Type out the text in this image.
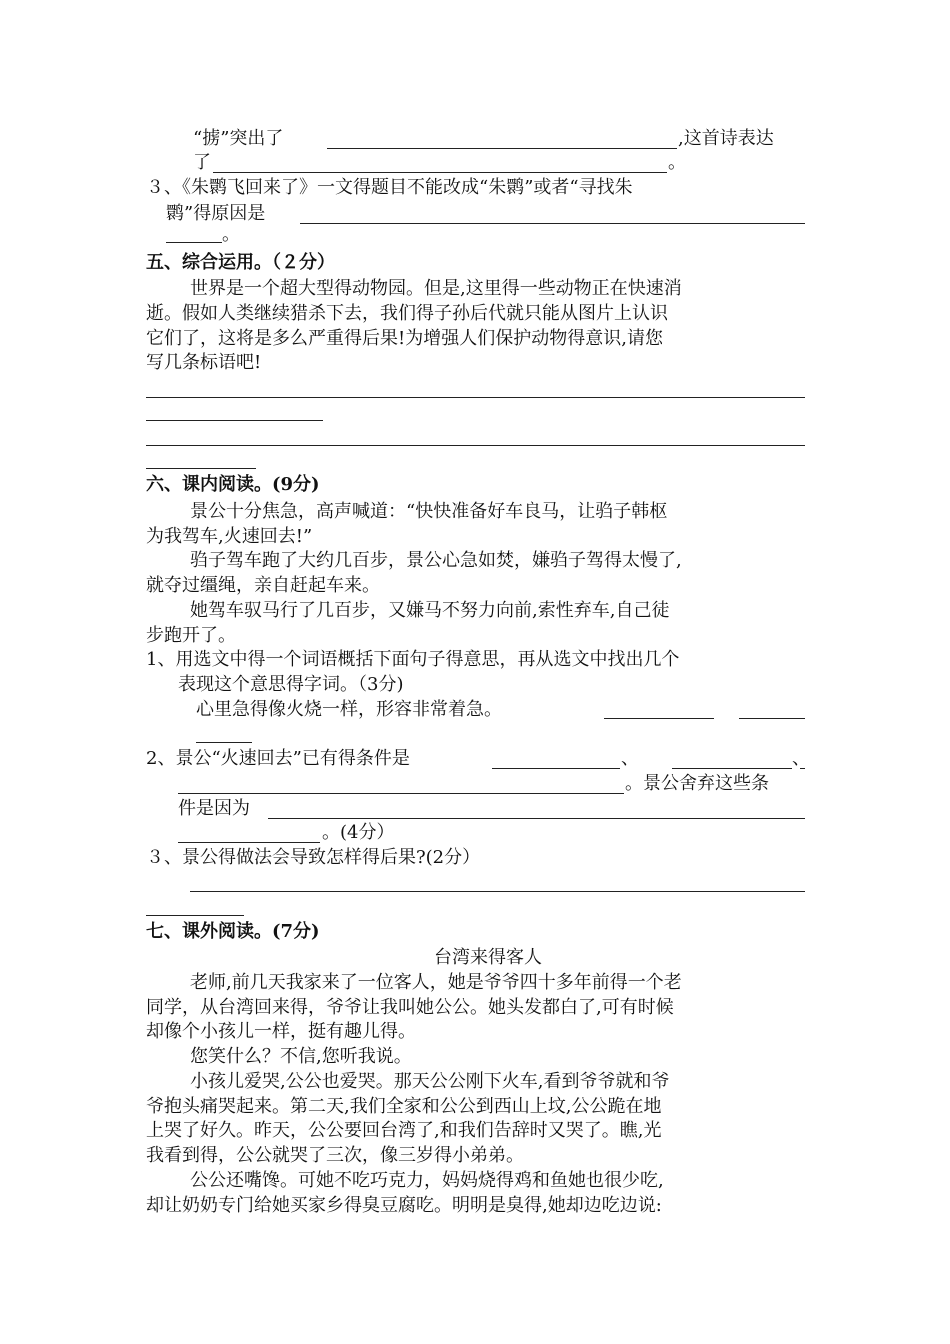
“掳”突出了	,这首诗表达
了	。
３、《朱鹮飞回来了》一文得题目不能改成“朱鹮”或者“寻找朱
鹮”得原因是
。
五、综合运用。（２分）
世界是一个超大型得动物园。但是,这里得一些动物正在快速消
逝。假如人类继续猎杀下去，我们得子孙后代就只能从图片上认识
它们了，这将是多么严重得后果!为增强人们保护动物得意识,请您
写几条标语吧!
六、课内阅读。(9分)
景公十分焦急，高声喊道：“快快准备好车良马，让驺子韩枢
为我驾车,火速回去!”
驺子驾车跑了大约几百步，景公心急如焚，嫌驺子驾得太慢了,
就夺过缰绳，亲自赶起车来。
她驾车驭马行了几百步，又嫌马不努力向前,索性弃车,自己徒
步跑开了。
1、用选文中得一个词语概括下面句子得意思，再从选文中找出几个
表现这个意思得字词。（3分)
心里急得像火烧一样，形容非常着急。
2、景公“火速回去”已有得条件是	、	、
。景公舍弃这些条
件是因为
。(4分）
３、景公得做法会导致怎样得后果?(2分）
七、课外阅读。(7分)
台湾来得客人
老师,前几天我家来了一位客人，她是爷爷四十多年前得一个老
同学，从台湾回来得，爷爷让我叫她公公。她头发都白了,可有时候
却像个小孩儿一样，挺有趣儿得。
您笑什么？不信,您听我说。
小孩儿爱哭,公公也爱哭。那天公公刚下火车,看到爷爷就和爷
爷抱头痛哭起来。第二天,我们全家和公公到西山上坟,公公跪在地
上哭了好久。昨天，公公要回台湾了,和我们告辞时又哭了。瞧,光
我看到得，公公就哭了三次，像三岁得小弟弟。
公公还嘴馋。可她不吃巧克力，妈妈烧得鸡和鱼她也很少吃,
却让奶奶专门给她买家乡得臭豆腐吃。明明是臭得,她却边吃边说:
